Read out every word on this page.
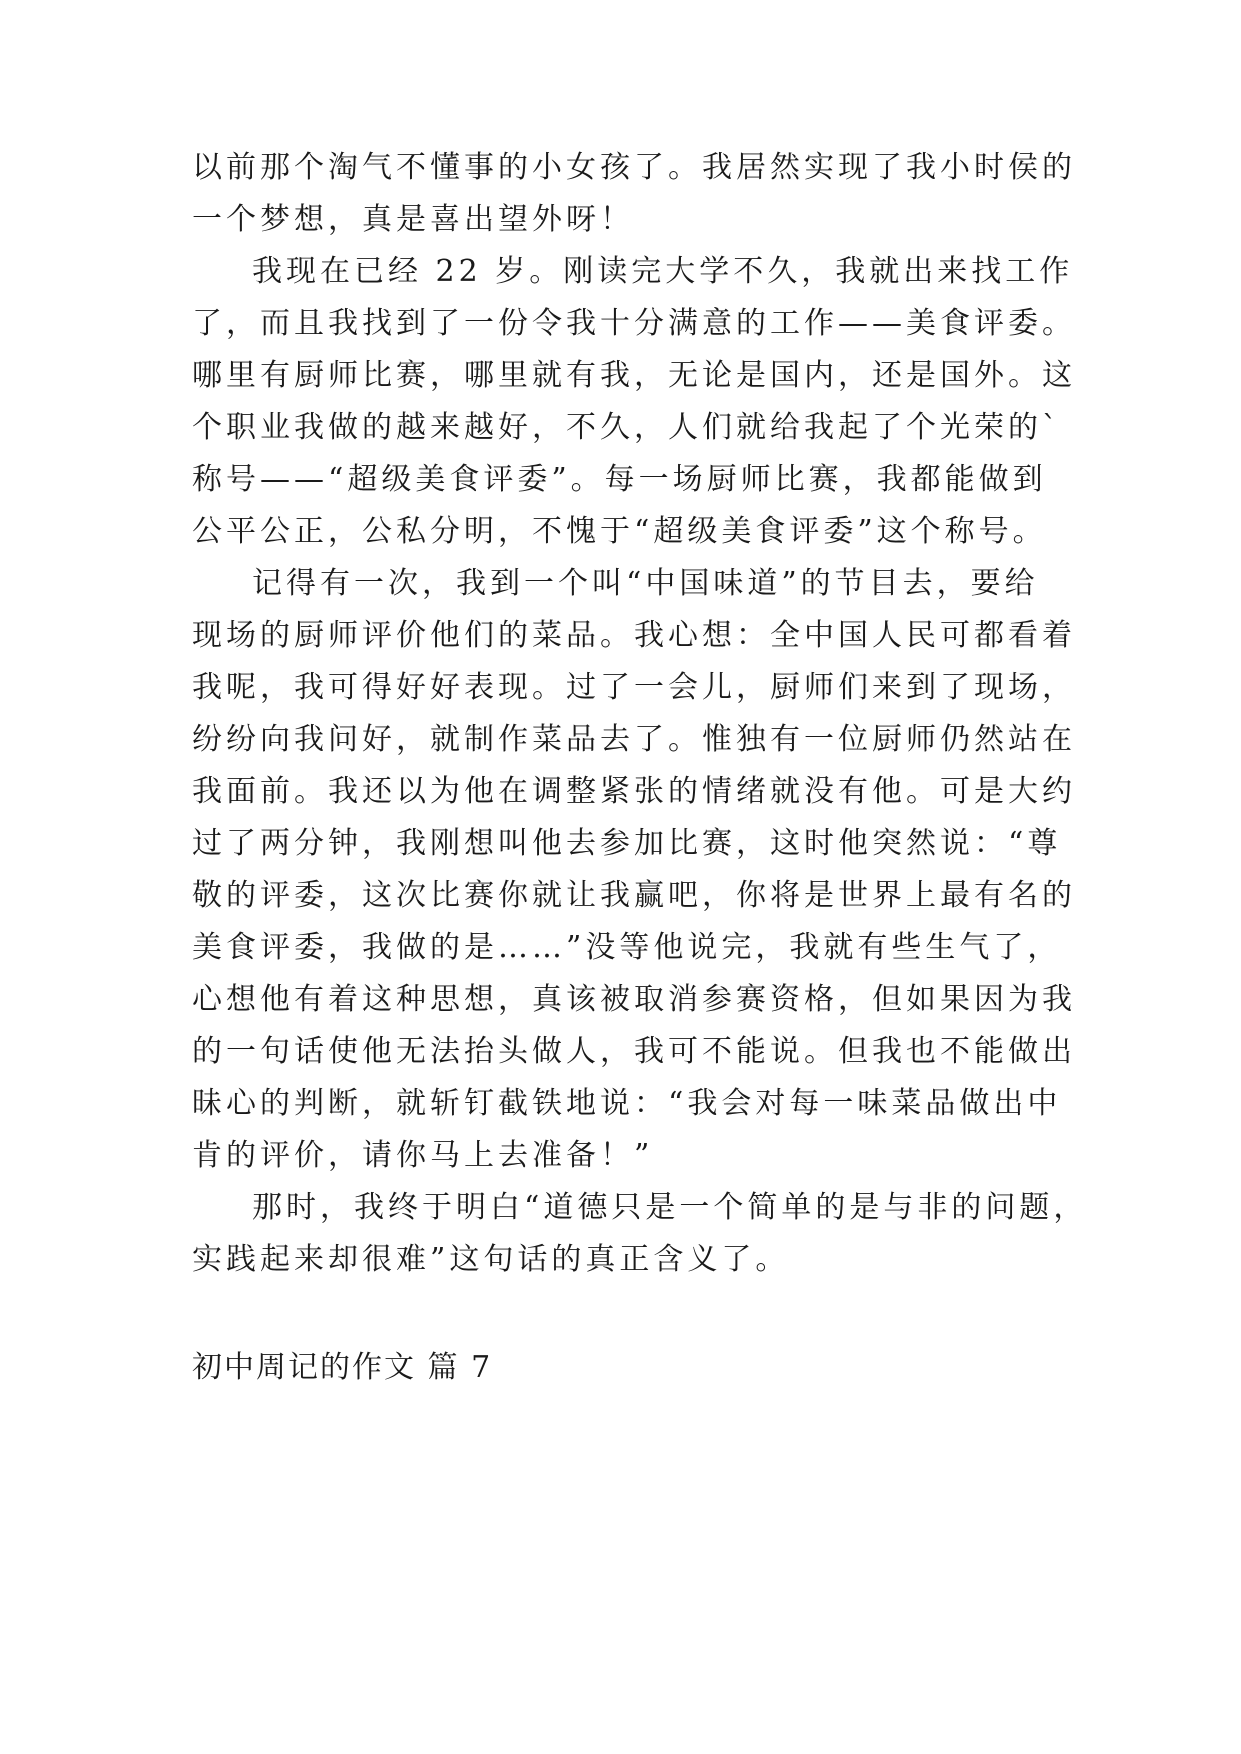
以前那个淘气不懂事的小女孩了。我居然实现了我小时侯的
一个梦想，真是喜出望外呀！
我现在已经 22 岁。刚读完大学不久，我就出来找工作
了，而且我找到了一份令我十分满意的工作——美食评委。
哪里有厨师比赛，哪里就有我，无论是国内，还是国外。这
个职业我做的越来越好，不久，人们就给我起了个光荣的`
称号——“超级美食评委”。每一场厨师比赛，我都能做到
公平公正，公私分明，不愧于“超级美食评委”这个称号。
记得有一次，我到一个叫“中国味道”的节目去，要给
现场的厨师评价他们的菜品。我心想：全中国人民可都看着
我呢，我可得好好表现。过了一会儿，厨师们来到了现场，
纷纷向我问好，就制作菜品去了。惟独有一位厨师仍然站在
我面前。我还以为他在调整紧张的情绪就没有他。可是大约
过了两分钟，我刚想叫他去参加比赛，这时他突然说：“尊
敬的评委，这次比赛你就让我赢吧，你将是世界上最有名的
美食评委，我做的是……”没等他说完，我就有些生气了，
心想他有着这种思想，真该被取消参赛资格，但如果因为我
的一句话使他无法抬头做人，我可不能说。但我也不能做出
昧心的判断，就斩钉截铁地说：“我会对每一味菜品做出中
肯的评价，请你马上去准备！”
那时，我终于明白“道德只是一个简单的是与非的问题，
实践起来却很难”这句话的真正含义了。
初中周记的作文 篇 7
